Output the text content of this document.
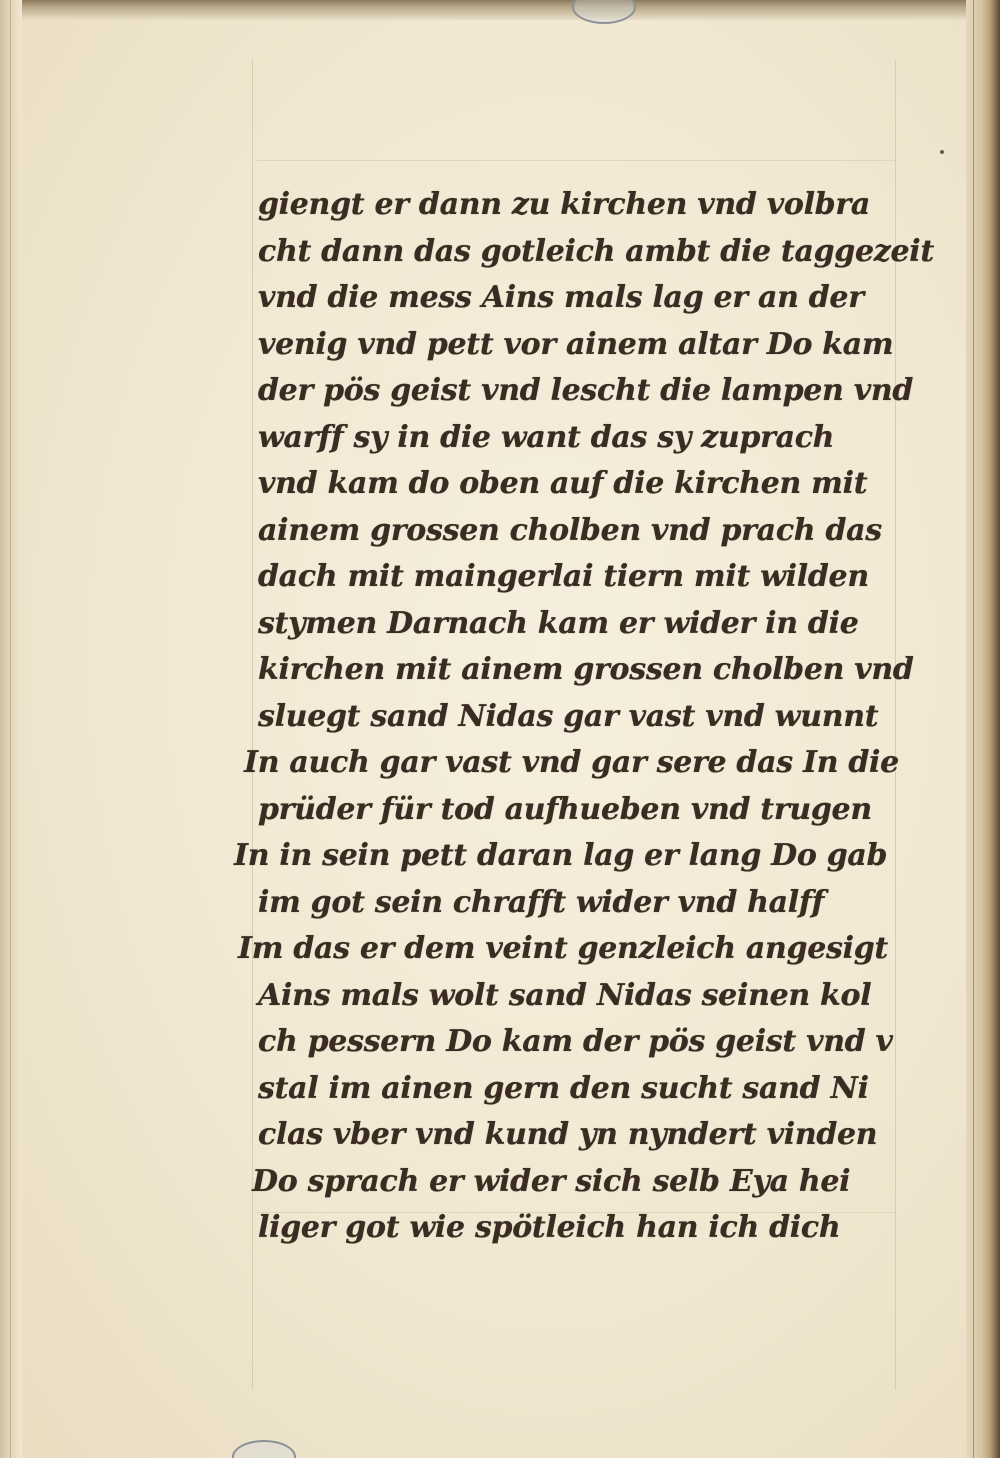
giengt er dann zu kirchen vnd volbra
cht dann das gotleich ambt die taggezeit
vnd die mess Ains mals lag er an der
venig vnd pett vor ainem altar Do kam
der pös geist vnd lescht die lampen vnd
warff sy in die want das sy zuprach
vnd kam do oben auf die kirchen mit
ainem grossen cholben vnd prach das
dach mit maingerlai tiern mit wilden
stymen Darnach kam er wider in die
kirchen mit ainem grossen cholben vnd
sluegt sand Nidas gar vast vnd wunnt
In auch gar vast vnd gar sere das In die
prüder für tod aufhueben vnd trugen
In in sein pett daran lag er lang Do gab
im got sein chrafft wider vnd halff
Im das er dem veint genzleich angesigt
Ains mals wolt sand Nidas seinen kol
ch pessern Do kam der pös geist vnd v
stal im ainen gern den sucht sand Ni
clas vber vnd kund yn nyndert vinden
Do sprach er wider sich selb Eya hei
liger got wie spötleich han ich dich
